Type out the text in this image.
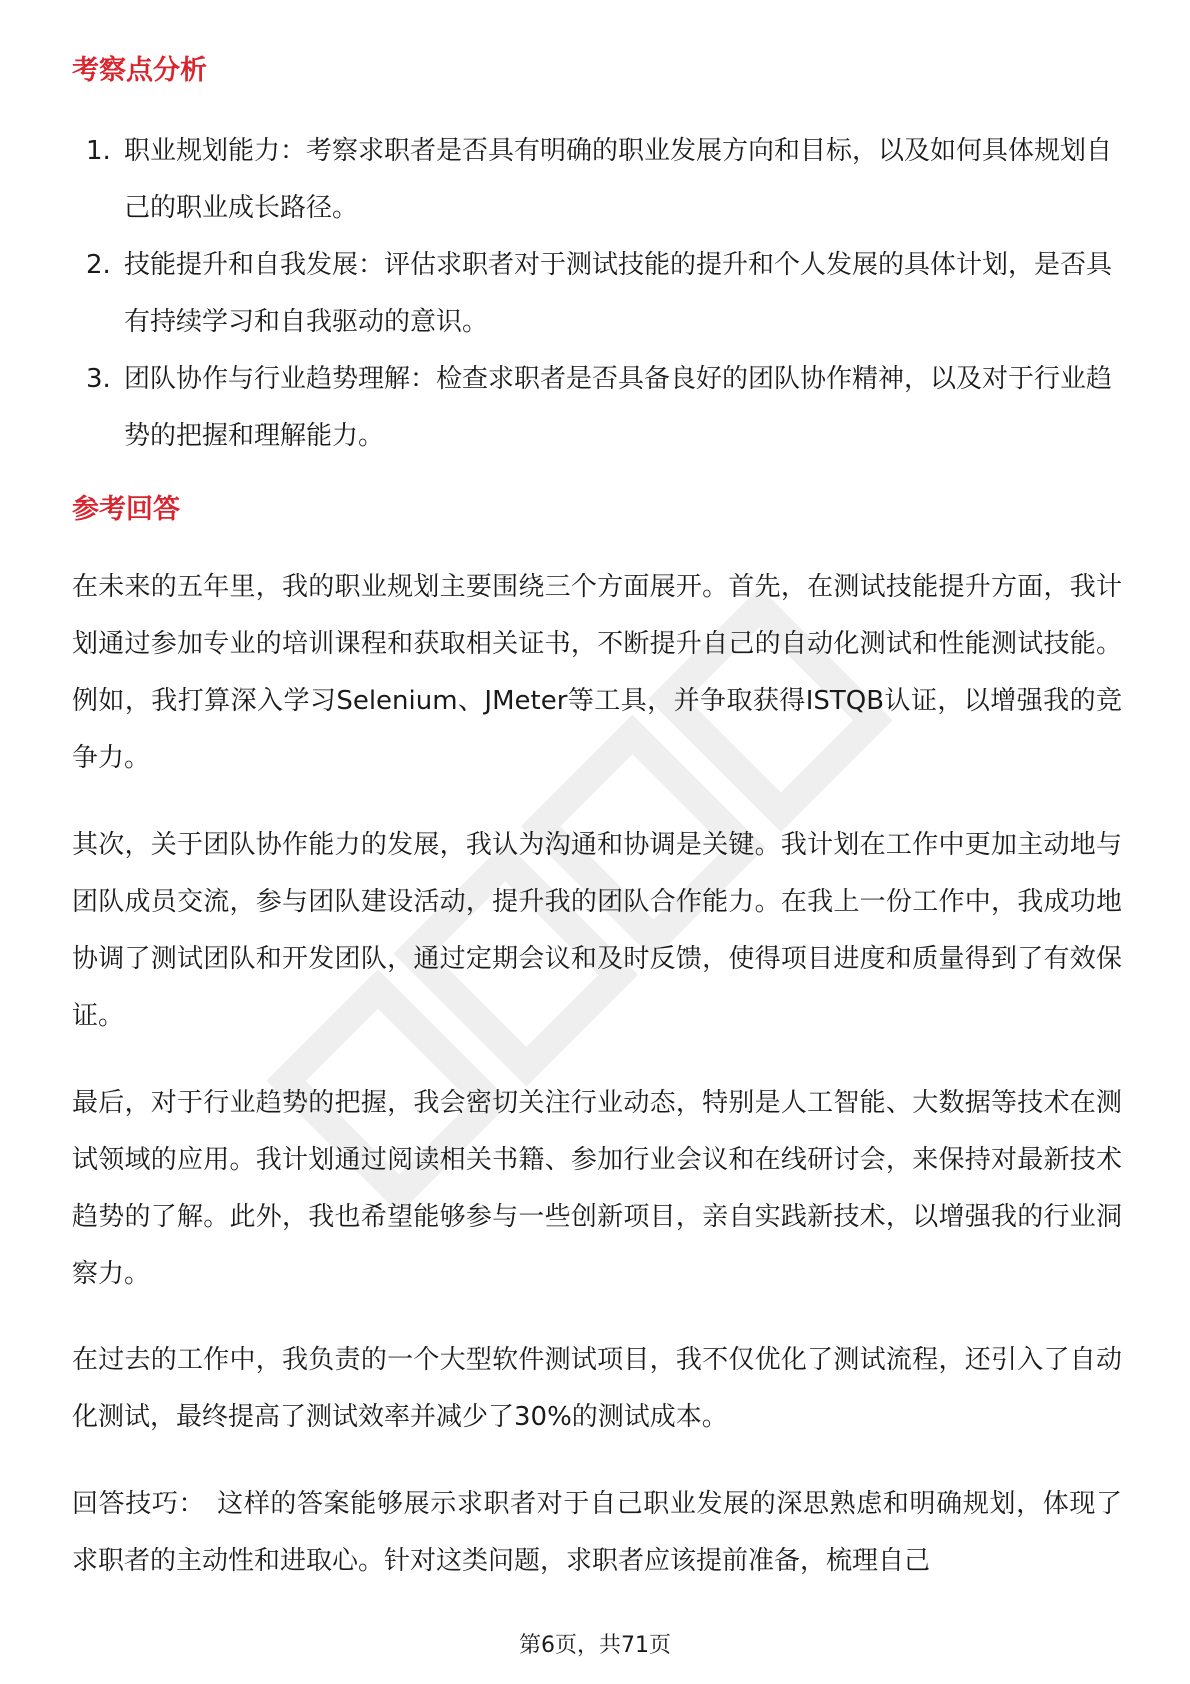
考察点分析
1. 职业规划能力：考察求职者是否具有明确的职业发展方向和目标，以及如何具体规划自己的职业成长路径。
2. 技能提升和自我发展：评估求职者对于测试技能的提升和个人发展的具体计划，是否具有持续学习和自我驱动的意识。
3. 团队协作与行业趋势理解：检查求职者是否具备良好的团队协作精神，以及对于行业趋势的把握和理解能力。
参考回答

在未来的五年里，我的职业规划主要围绕三个方面展开。首先，在测试技能提升方面，我计划通过参加专业的培训课程和获取相关证书，不断提升自己的自动化测试和性能测试技能。例如，我打算深入学习Selenium、JMeter等工具，并争取获得ISTQB认证，以增强我的竞争力。

其次，关于团队协作能力的发展，我认为沟通和协调是关键。我计划在工作中更加主动地与团队成员交流，参与团队建设活动，提升我的团队合作能力。在我上一份工作中，我成功地协调了测试团队和开发团队，通过定期会议和及时反馈，使得项目进度和质量得到了有效保证。

最后，对于行业趋势的把握，我会密切关注行业动态，特别是人工智能、大数据等技术在测试领域的应用。我计划通过阅读相关书籍、参加行业会议和在线研讨会，来保持对最新技术趋势的了解。此外，我也希望能够参与一些创新项目，亲自实践新技术，以增强我的行业洞察力。

在过去的工作中，我负责的一个大型软件测试项目，我不仅优化了测试流程，还引入了自动化测试，最终提高了测试效率并减少了30%的测试成本。

回答技巧： 这样的答案能够展示求职者对于自己职业发展的深思熟虑和明确规划，体现了求职者的主动性和进取心。针对这类问题，求职者应该提前准备，梳理自己

第6页，共71页
